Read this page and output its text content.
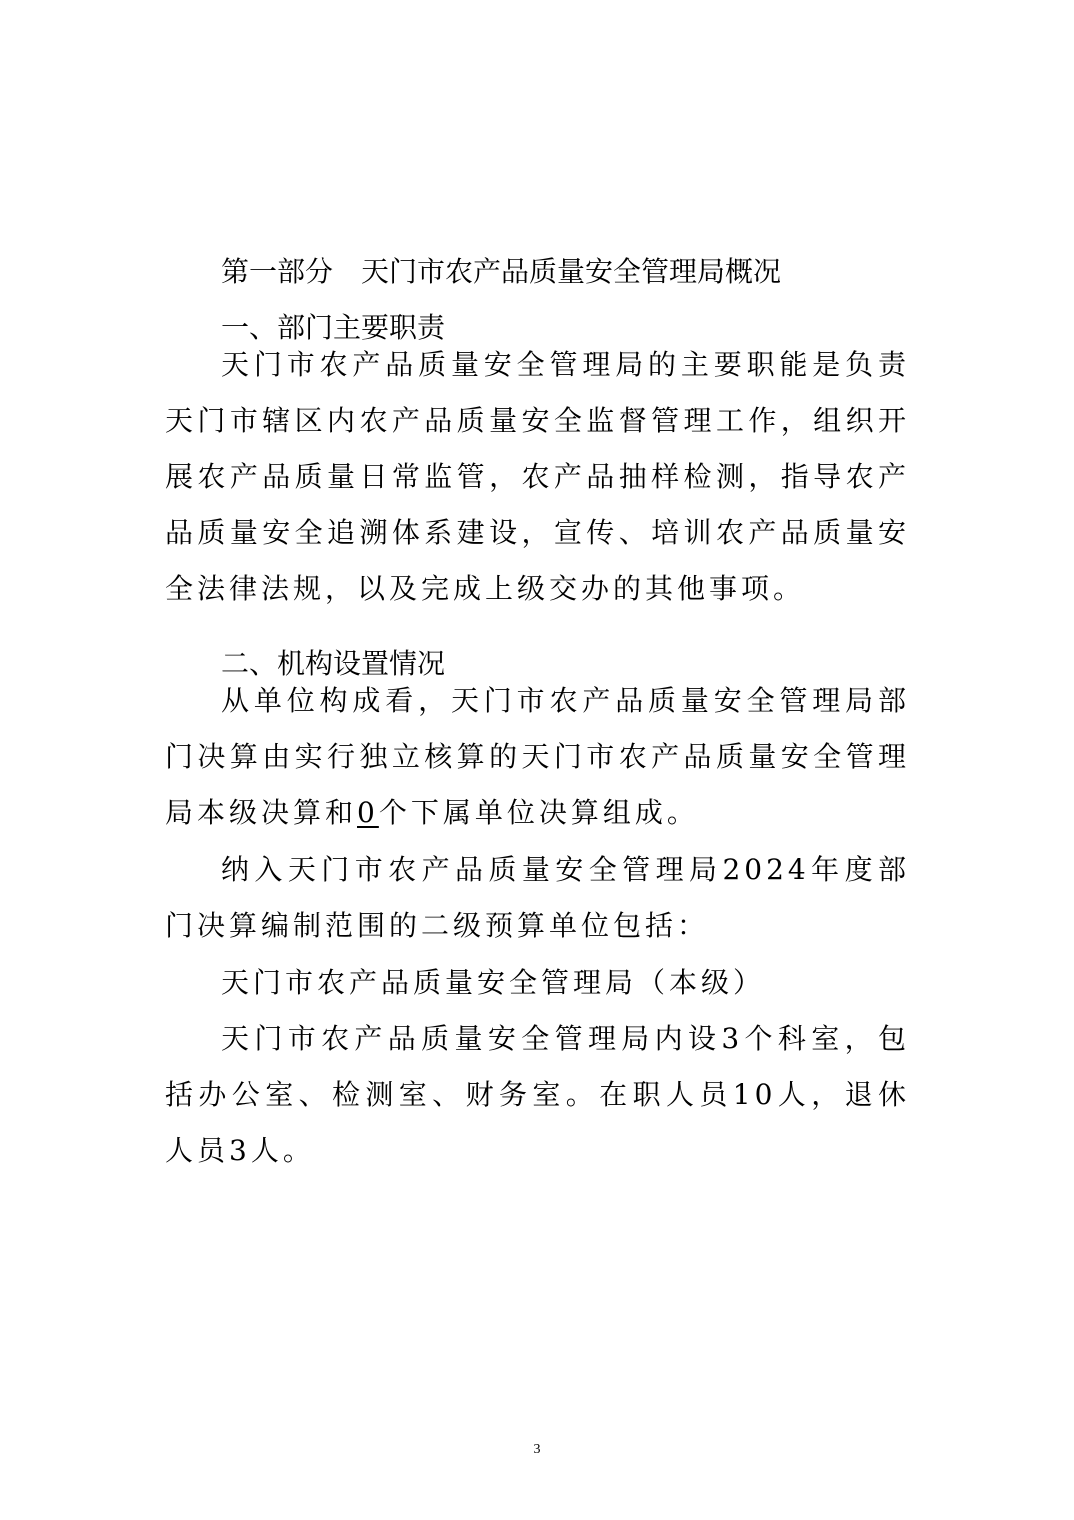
第一部分　天门市农产品质量安全管理局概况
一、部门主要职责

天门市农产品质量安全管理局的主要职能是负责天门市辖区内农产品质量安全监督管理工作，组织开展农产品质量日常监管，农产品抽样检测，指导农产品质量安全追溯体系建设，宣传、培训农产品质量安全法律法规，以及完成上级交办的其他事项。

二、机构设置情况

从单位构成看，天门市农产品质量安全管理局部门决算由实行独立核算的天门市农产品质量安全管理局本级决算和0个下属单位决算组成。

纳入天门市农产品质量安全管理局2024年度部门决算编制范围的二级预算单位包括：

天门市农产品质量安全管理局（本级）

天门市农产品质量安全管理局内设3个科室，包括办公室、检测室、财务室。在职人员10人，退休人员3人。

3
